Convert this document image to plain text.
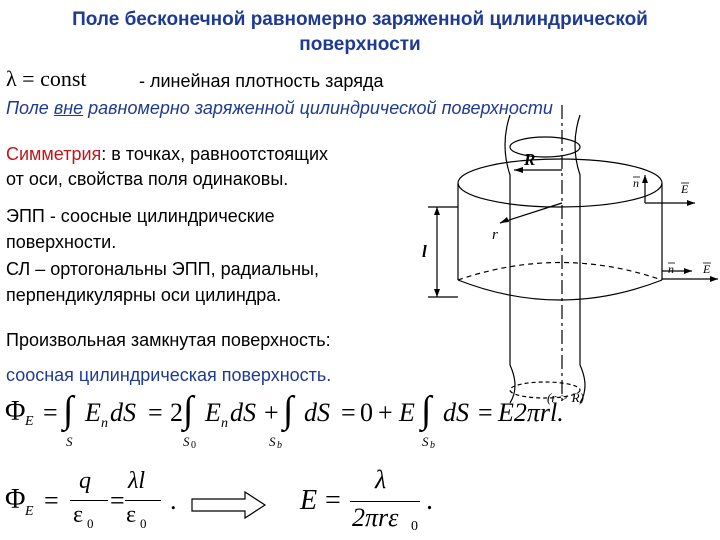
Поле бесконечной равномерно заряженной цилиндрической
поверхности
λ = const	- линейная плотность заряда
Поле вне равномерно заряженной цилиндрической поверхности
Симметрия: в точках, равноотстоящих
от оси, свойства поля одинаковы.
ЭПП - соосные цилиндрические
поверхности.
СЛ – ортогональны ЭПП, радиальны,
перпендикулярны оси цилиндра.
Произвольная замкнутая поверхность:
соосная цилиндрическая поверхность.
R
r
l
n	E
n E
Φ E = ∫
S
E n dS = 2 ∫
S 0
E n dS + ∫
S b
dS = 0 + E ∫
S b
dS = E2πrl.
(r > R)
Φ E =
q
ε 0
=
λl
ε 0
.	E =
λ
2πrε 0
.
